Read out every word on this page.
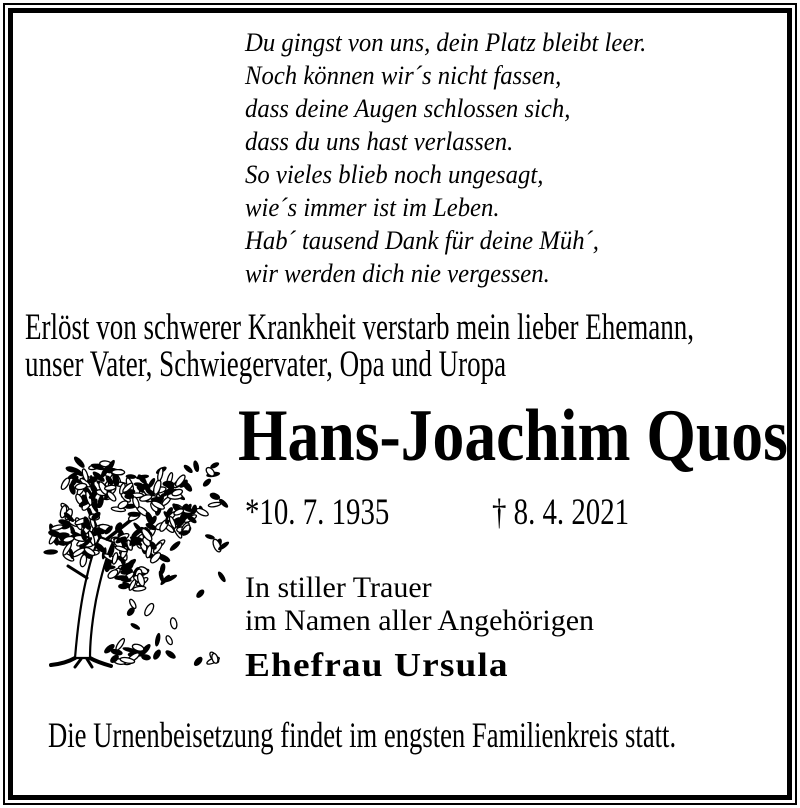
Du gingst von uns, dein Platz bleibt leer.
Noch können wir´s nicht fassen,
dass deine Augen schlossen sich,
dass du uns hast verlassen.
So vieles blieb noch ungesagt,
wie´s immer ist im Leben.
Hab´ tausend Dank für deine Müh´,
wir werden dich nie vergessen.
Erlöst von schwerer Krankheit verstarb mein lieber Ehemann,
unser Vater, Schwiegervater, Opa und Uropa
Hans-Joachim Quos
*10. 7. 1935	† 8. 4. 2021
In stiller Trauer
im Namen aller Angehörigen
Ehefrau Ursula
Die Urnenbeisetzung findet im engsten Familienkreis statt.
